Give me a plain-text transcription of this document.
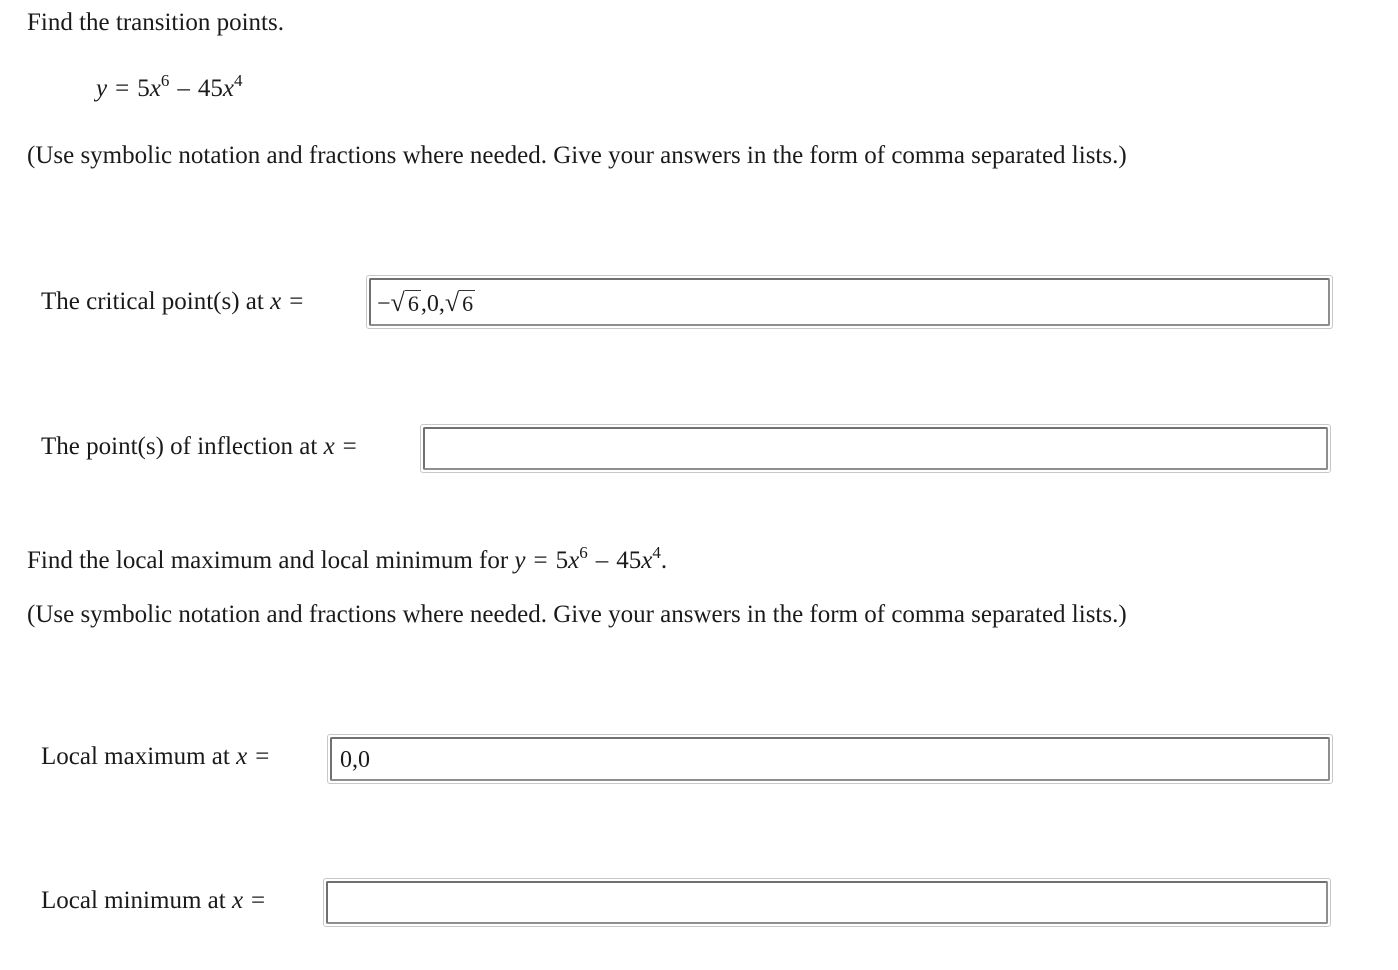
Find the transition points.
$y = 5x^6 - 45x^4$
(Use symbolic notation and fractions where needed. Give your answers in the form of comma separated lists.)
The critical point(s) at x =	−√ 6,0,√ 6
The point(s) of inflection at x =
Find the local maximum and local minimum for $y = 5x^6 - 45x^4$.
(Use symbolic notation and fractions where needed. Give your answers in the form of comma separated lists.)
Local maximum at x =	0,0
Local minimum at x =
